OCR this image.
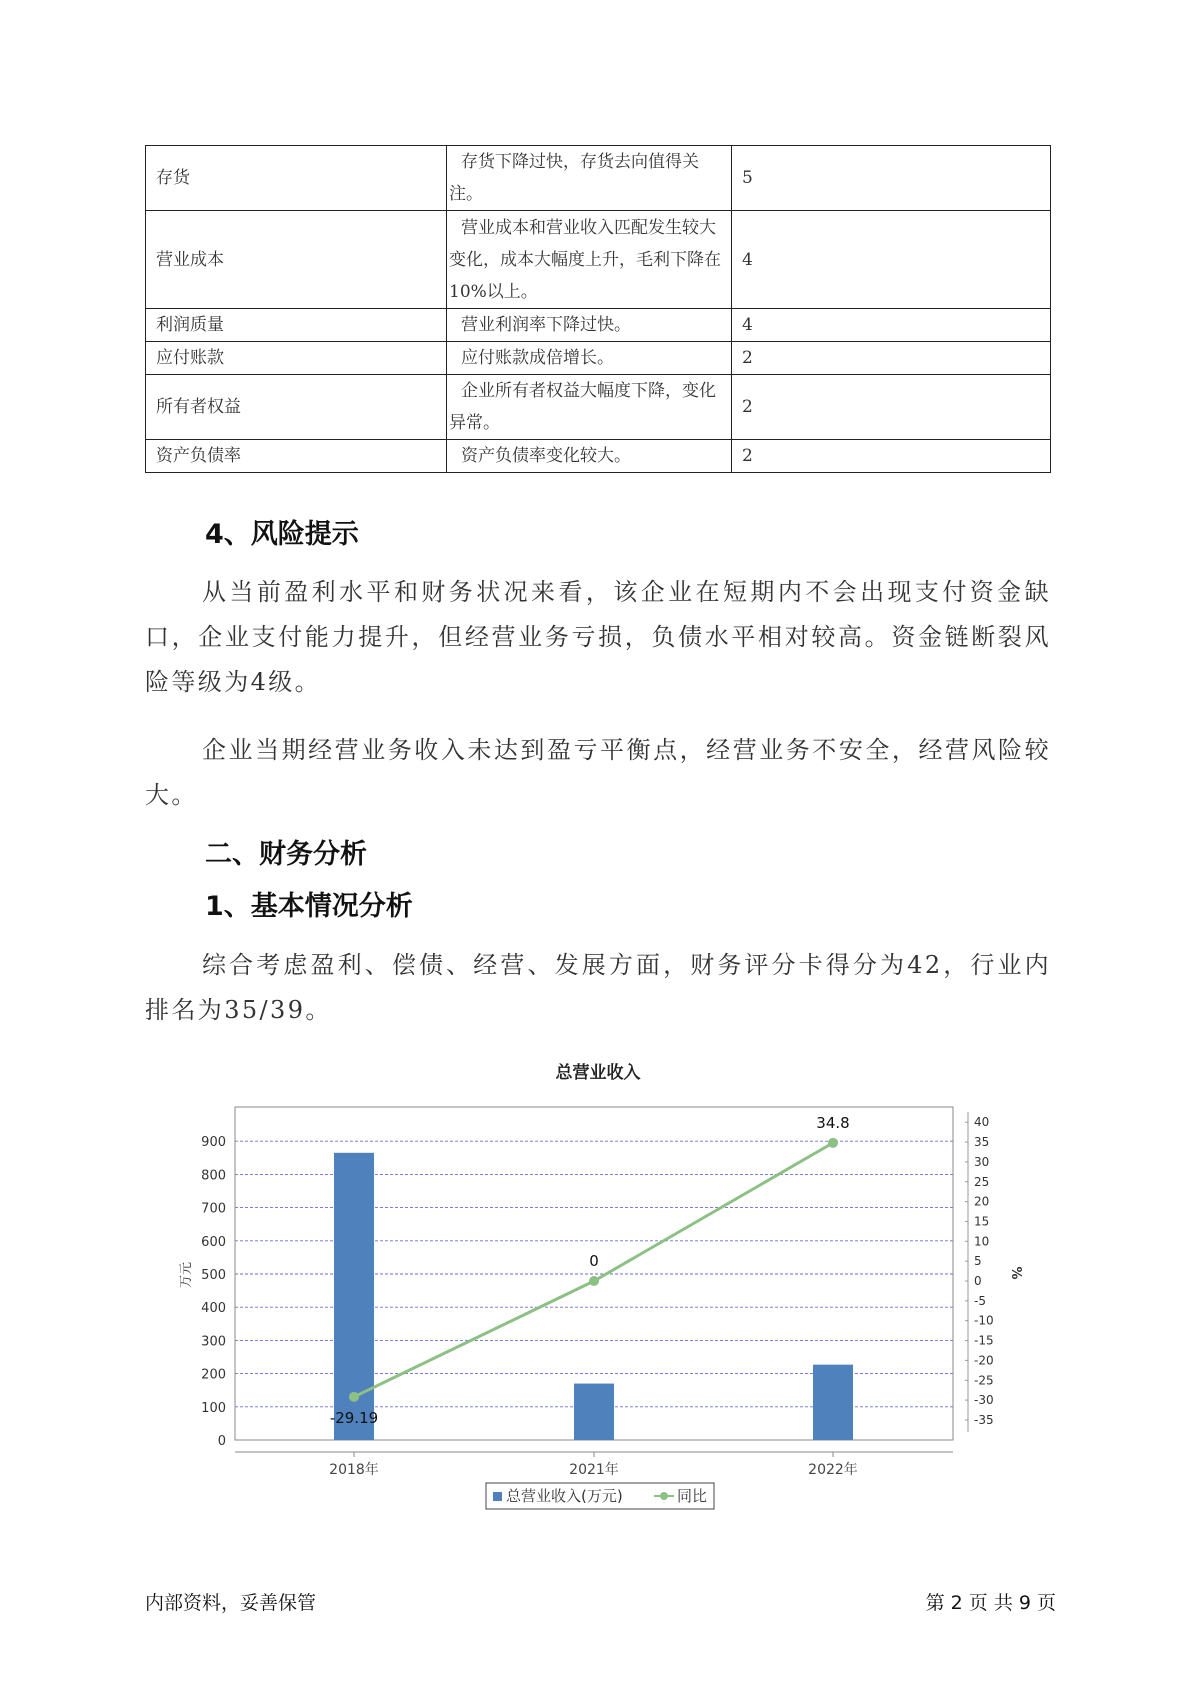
存货	存货下降过快，存货去向值得关注。	5
营业成本	营业成本和营业收入匹配发生较大变化，成本大幅度上升，毛利下降在10%以上。	4
利润质量	营业利润率下降过快。	4
应付账款	应付账款成倍增长。	2
所有者权益	企业所有者权益大幅度下降，变化异常。	2
资产负债率	资产负债率变化较大。	2
4、风险提示
从当前盈利水平和财务状况来看，该企业在短期内不会出现支付资金缺口，企业支付能力提升，但经营业务亏损，负债水平相对较高。资金链断裂风险等级为4级。
企业当期经营业务收入未达到盈亏平衡点，经营业务不安全，经营风险较大。
二、财务分析
1、基本情况分析
综合考虑盈利、偿债、经营、发展方面，财务评分卡得分为42，行业内排名为35/39。
总营业收入
-29.19
0
34.8
0
100
200
300
400
500
600
700
800
900
-35
-30
-25
-20
-15
-10
-5
0
5
10
15
20
25
30
35
40
2018年	2021年	2022年
万元	%
总营业收入(万元)	同比
内部资料，妥善保管	第 2 页 共 9 页
